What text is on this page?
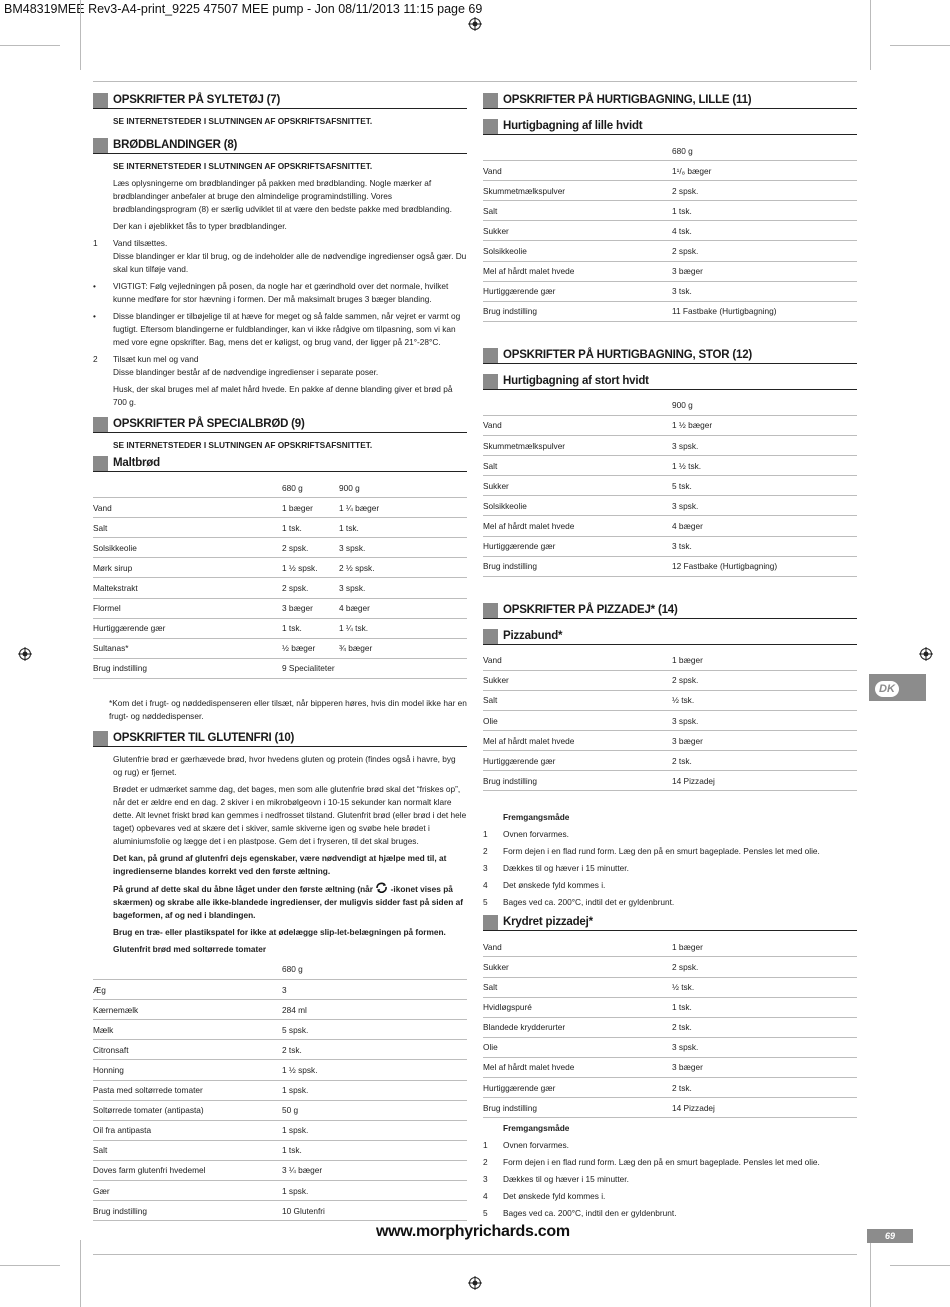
BM48319MEE Rev3-A4-print_9225 47507 MEE pump - Jon 08/11/2013 11:15 page 69
OPSKRIFTER PÅ SYLTETØJ (7)
SE INTERNETSTEDER I SLUTNINGEN AF OPSKRIFTSAFSNITTET.
BRØDBLANDINGER (8)
SE INTERNETSTEDER I SLUTNINGEN AF OPSKRIFTSAFSNITTET.
Læs oplysningerne om brødblandinger på pakken med brødblanding. Nogle mærker af brødblandinger anbefaler at bruge den almindelige programindstilling. Vores brødblandingsprogram (8) er særlig udviklet til at være den bedste pakke med brødblanding.
Der kan i øjeblikket fås to typer brødblandinger.
1 Vand tilsættes.
Disse blandinger er klar til brug, og de indeholder alle de nødvendige ingredienser også gær. Du skal kun tilføje vand.
• VIGTIGT: Følg vejledningen på posen, da nogle har et gærindhold over det normale, hvilket kunne medføre for stor hævning i formen. Der må maksimalt bruges 3 bæger blanding.
• Disse blandinger er tilbøjelige til at hæve for meget og så falde sammen, når vejret er varmt og fugtigt. Eftersom blandingerne er fuldblandinger, kan vi ikke rådgive om tilpasning, som vi kan med vore egne opskrifter. Bag, mens det er køligst, og brug vand, der ligger på 21°-28°C.
2 Tilsæt kun mel og vand
Disse blandinger består af de nødvendige ingredienser i separate poser.
Husk, der skal bruges mel af malet hård hvede. En pakke af denne blanding giver et brød på 700 g.
OPSKRIFTER PÅ SPECIALBRØD (9)
SE INTERNETSTEDER I SLUTNINGEN AF OPSKRIFTSAFSNITTET.
Maltbrød
	680 g	900 g
Vand	1 bæger	1 ¼ bæger
Salt	1 tsk.	1 tsk.
Solsikkeolie	2 spsk.	3 spsk.
Mørk sirup	1 ½ spsk.	2 ½ spsk.
Maltekstrakt	2 spsk.	3 spsk.
Flormel	3 bæger	4 bæger
Hurtiggærende gær	1 tsk.	1 ¼ tsk.
Sultanas*	½ bæger	¾ bæger
Brug indstilling	9 Specialiteter	
*Kom det i frugt- og nøddedispenseren eller tilsæt, når bipperen høres, hvis din model ikke har en frugt- og nøddedispenser.
OPSKRIFTER TIL GLUTENFRI (10)
Glutenfrie brød er gærhævede brød, hvor hvedens gluten og protein (findes også i havre, byg og rug) er fjernet.
Brødet er udmærket samme dag, det bages, men som alle glutenfrie brød skal det “friskes op”, når det er ældre end en dag. 2 skiver i en mikrobølgeovn i 10-15 sekunder kan normalt klare dette. Alt levnet friskt brød kan gemmes i nedfrosset tilstand. Glutenfrit brød (eller brød i det hele taget) opbevares ved at skære det i skiver, samle skiverne igen og svøbe hele brødet i aluminiumsfolie og lægge det i en plastpose. Gem det i fryseren, til det skal bruges.
Det kan, på grund af glutenfri dejs egenskaber, være nødvendigt at hjælpe med til, at ingredienserne blandes korrekt ved den første æltning.
På grund af dette skal du åbne låget under den første æltning (når -ikonet vises på skærmen) og skrabe alle ikke-blandede ingredienser, der muligvis sidder fast på siden af bageformen, af og ned i blandingen.
Brug en træ- eller plastikspatel for ikke at ødelægge slip-let-belægningen på formen.
Glutenfrit brød med soltørrede tomater
	680 g	
Æg	3	
Kærnemælk	284 ml	
Mælk	5 spsk.	
Citronsaft	2 tsk.	
Honning	1 ½ spsk.	
Pasta med soltørrede tomater	1 spsk.	
Soltørrede tomater (antipasta)	50 g	
Oil fra antipasta	1 spsk.	
Salt	1 tsk.	
Doves farm glutenfri hvedemel	3 ¼ bæger	
Gær	1 spsk.	
Brug indstilling	10 Glutenfri	
OPSKRIFTER PÅ HURTIGBAGNING, LILLE (11)
Hurtigbagning af lille hvidt
	680 g	
Vand	1¹/₈ bæger	
Skummetmælkspulver	2 spsk.	
Salt	1 tsk.	
Sukker	4 tsk.	
Solsikkeolie	2 spsk.	
Mel af hårdt malet hvede	3 bæger	
Hurtiggærende gær	3 tsk.	
Brug indstilling	11 Fastbake (Hurtigbagning)	
OPSKRIFTER PÅ HURTIGBAGNING, STOR (12)
Hurtigbagning af stort hvidt
	900 g	
Vand	1 ½ bæger	
Skummetmælkspulver	3 spsk.	
Salt	1 ½ tsk.	
Sukker	5 tsk.	
Solsikkeolie	3 spsk.	
Mel af hårdt malet hvede	4 bæger	
Hurtiggærende gær	3 tsk.	
Brug indstilling	12 Fastbake (Hurtigbagning)	
OPSKRIFTER PÅ PIZZADEJ* (14)
Pizzabund*
Vand	1 bæger	
Sukker	2 spsk.	
Salt	½ tsk.	
Olie	3 spsk.	
Mel af hårdt malet hvede	3 bæger	
Hurtiggærende gær	2 tsk.	
Brug indstilling	14 Pizzadej	
Fremgangsmåde
1 Ovnen forvarmes.
2 Form dejen i en flad rund form. Læg den på en smurt bageplade. Pensles let med olie.
3 Dækkes til og hæver i 15 minutter.
4 Det ønskede fyld kommes i.
5 Bages ved ca. 200°C, indtil det er gyldenbrunt.
Krydret pizzadej*
Vand	1 bæger	
Sukker	2 spsk.	
Salt	½ tsk.	
Hvidløgspuré	1 tsk.	
Blandede krydderurter	2 tsk.	
Olie	3 spsk.	
Mel af hårdt malet hvede	3 bæger	
Hurtiggærende gær	2 tsk.	
Brug indstilling	14 Pizzadej	
Fremgangsmåde
1 Ovnen forvarmes.
2 Form dejen i en flad rund form. Læg den på en smurt bageplade. Pensles let med olie.
3 Dækkes til og hæver i 15 minutter.
4 Det ønskede fyld kommes i.
5 Bages ved ca. 200°C, indtil den er gyldenbrunt.
DK
www.morphyrichards.com	69
